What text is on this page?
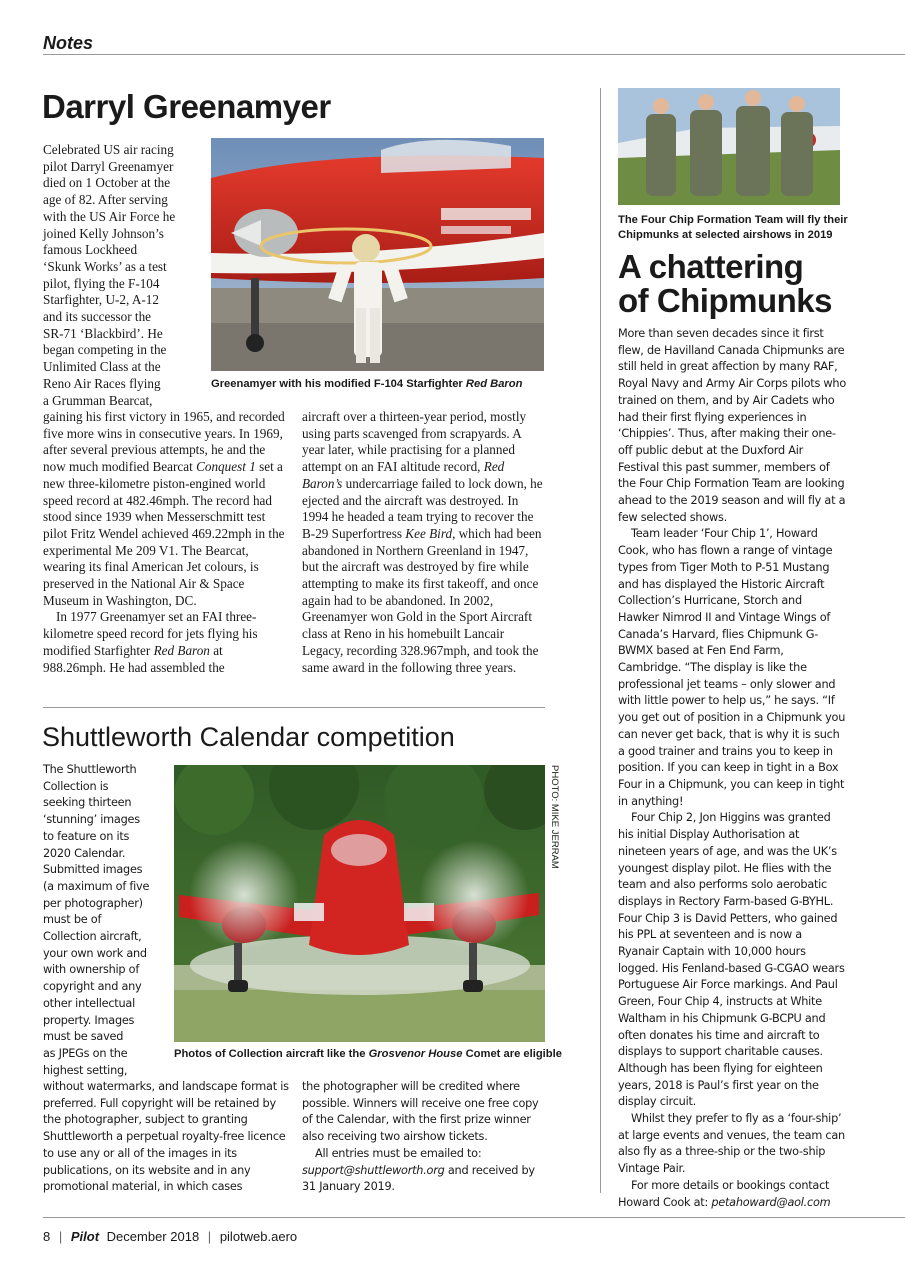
Notes
Darryl Greenamyer
Greenamyer with his modified F-104 Starfighter Red Baron
Celebrated US air racing
pilot Darryl Greenamyer
died on 1 October at the
age of 82. After serving
with the US Air Force he
joined Kelly Johnson’s
famous Lockheed
‘Skunk Works’ as a test
pilot, flying the F-104
Starfighter, U-2, A-12
and its successor the
SR-71 ‘Blackbird’. He
began competing in the
Unlimited Class at the
Reno Air Races flying
a Grumman Bearcat,

gaining his first victory in 1965, and recorded five more wins in consecutive years. In 1969, after several previous attempts, he and the now much modified Bearcat Conquest 1 set a new three-kilometre piston-engined world speed record at 482.46mph. The record had stood since 1939 when Messerschmitt test pilot Fritz Wendel achieved 469.22mph in the experimental Me 209 V1. The Bearcat, wearing its final American Jet colours, is preserved in the National Air & Space Museum in Washington, DC.

In 1977 Greenamyer set an FAI three-kilometre speed record for jets flying his modified Starfighter Red Baron at 988.26mph. He had assembled the

aircraft over a thirteen-year period, mostly using parts scavenged from scrapyards. A year later, while practising for a planned attempt on an FAI altitude record, Red Baron’s undercarriage failed to lock down, he ejected and the aircraft was destroyed. In 1994 he headed a team trying to recover the B-29 Superfortress Kee Bird, which had been abandoned in Northern Greenland in 1947, but the aircraft was destroyed by fire while attempting to make its first takeoff, and once again had to be abandoned. In 2002, Greenamyer won Gold in the Sport Aircraft class at Reno in his homebuilt Lancair Legacy, recording 328.967mph, and took the same award in the following three years.

Shuttleworth Calendar competition
PHOTO: MIKE JERRAM
Photos of Collection aircraft like the Grosvenor House Comet are eligible
The Shuttleworth
Collection is
seeking thirteen
‘stunning’ images
to feature on its
2020 Calendar.
Submitted images
(a maximum of five
per photographer)
must be of
Collection aircraft,
your own work and
with ownership of
copyright and any
other intellectual
property. Images
must be saved
as JPEGs on the
highest setting,

without watermarks, and landscape format is preferred. Full copyright will be retained by the photographer, subject to granting Shuttleworth a perpetual royalty-free licence to use any or all of the images in its publications, on its website and in any promotional material, in which cases

the photographer will be credited where possible. Winners will receive one free copy of the Calendar, with the first prize winner also receiving two airshow tickets.

All entries must be emailed to: support@shuttleworth.org and received by 31 January 2019.

The Four Chip Formation Team will fly their Chipmunks at selected airshows in 2019
A chattering
of Chipmunks

More than seven decades since it first flew, de Havilland Canada Chipmunks are still held in great affection by many RAF, Royal Navy and Army Air Corps pilots who trained on them, and by Air Cadets who had their first flying experiences in ‘Chippies’. Thus, after making their one-off public debut at the Duxford Air Festival this past summer, members of the Four Chip Formation Team are looking ahead to the 2019 season and will fly at a few selected shows.

Team leader ‘Four Chip 1’, Howard Cook, who has flown a range of vintage types from Tiger Moth to P-51 Mustang and has displayed the Historic Aircraft Collection’s Hurricane, Storch and Hawker Nimrod II and Vintage Wings of Canada’s Harvard, flies Chipmunk G-BWMX based at Fen End Farm, Cambridge. “The display is like the professional jet teams – only slower and with little power to help us,” he says. “If you get out of position in a Chipmunk you can never get back, that is why it is such a good trainer and trains you to keep in position. If you can keep in tight in a Box Four in a Chipmunk, you can keep in tight in anything!

Four Chip 2, Jon Higgins was granted his initial Display Authorisation at nineteen years of age, and was the UK’s youngest display pilot. He flies with the team and also performs solo aerobatic displays in Rectory Farm-based G-BYHL. Four Chip 3 is David Petters, who gained his PPL at seventeen and is now a Ryanair Captain with 10,000 hours logged. His Fenland-based G-CGAO wears Portuguese Air Force markings. And Paul Green, Four Chip 4, instructs at White Waltham in his Chipmunk G-BCPU and often donates his time and aircraft to displays to support charitable causes. Although has been flying for eighteen years, 2018 is Paul’s first year on the display circuit.

Whilst they prefer to fly as a ‘four-ship’ at large events and venues, the team can also fly as a three-ship or the two-ship Vintage Pair.

For more details or bookings contact Howard Cook at: petahoward@aol.com

8 | Pilot December 2018 | pilotweb.aero
